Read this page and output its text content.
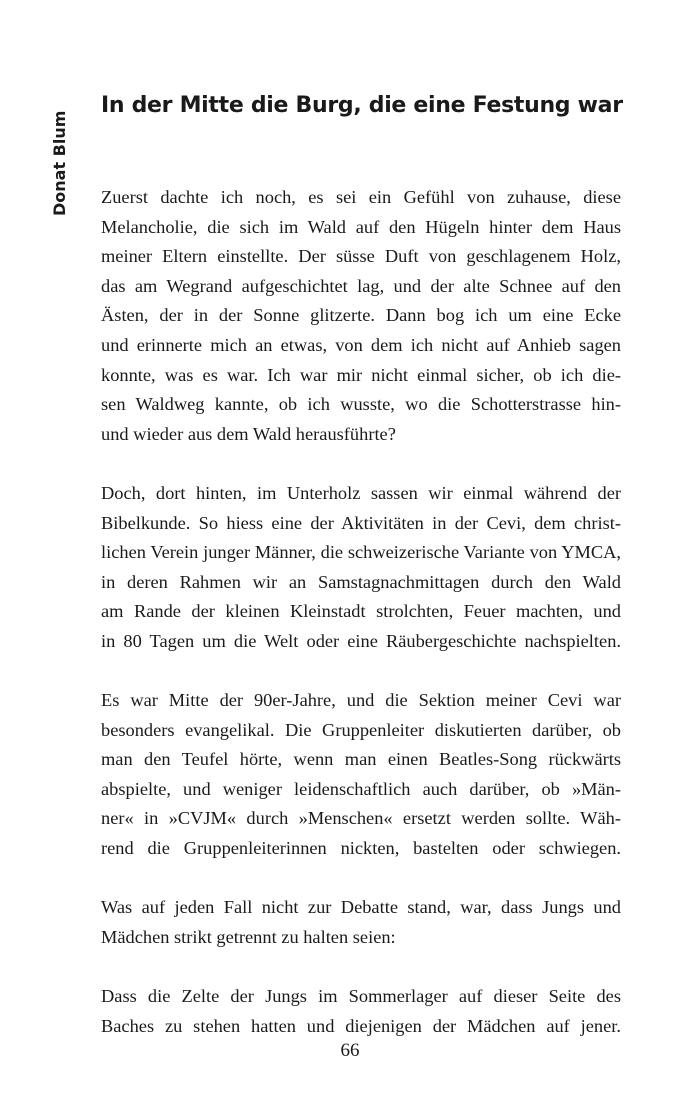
Donat Blum
In der Mitte die Burg, die eine Festung war

Zuerst dachte ich noch, es sei ein Gefühl von zuhause, diese
Melancholie, die sich im Wald auf den Hügeln hinter dem Haus
meiner Eltern einstellte. Der süsse Duft von geschlagenem Holz,
das am Wegrand aufgeschichtet lag, und der alte Schnee auf den
Ästen, der in der Sonne glitzerte. Dann bog ich um eine Ecke
und erinnerte mich an etwas, von dem ich nicht auf Anhieb sagen
konnte, was es war. Ich war mir nicht einmal sicher, ob ich die-
sen Waldweg kannte, ob ich wusste, wo die Schotterstrasse hin-
und wieder aus dem Wald herausführte?

Doch, dort hinten, im Unterholz sassen wir einmal während der
Bibelkunde. So hiess eine der Aktivitäten in der Cevi, dem christ-
lichen Verein junger Männer, die schweizerische Variante von YMCA,
in deren Rahmen wir an Samstagnachmittagen durch den Wald
am Rande der kleinen Kleinstadt strolchten, Feuer machten, und
in 80 Tagen um die Welt oder eine Räubergeschichte nachspielten.

Es war Mitte der 90er-Jahre, und die Sektion meiner Cevi war
besonders evangelikal. Die Gruppenleiter diskutierten darüber, ob
man den Teufel hörte, wenn man einen Beatles-Song rückwärts
abspielte, und weniger leidenschaftlich auch darüber, ob »Män-
ner« in »CVJM« durch »Menschen« ersetzt werden sollte. Wäh-
rend die Gruppenleiterinnen nickten, bastelten oder schwiegen.

Was auf jeden Fall nicht zur Debatte stand, war, dass Jungs und
Mädchen strikt getrennt zu halten seien:

Dass die Zelte der Jungs im Sommerlager auf dieser Seite des
Baches zu stehen hatten und diejenigen der Mädchen auf jener.

66
